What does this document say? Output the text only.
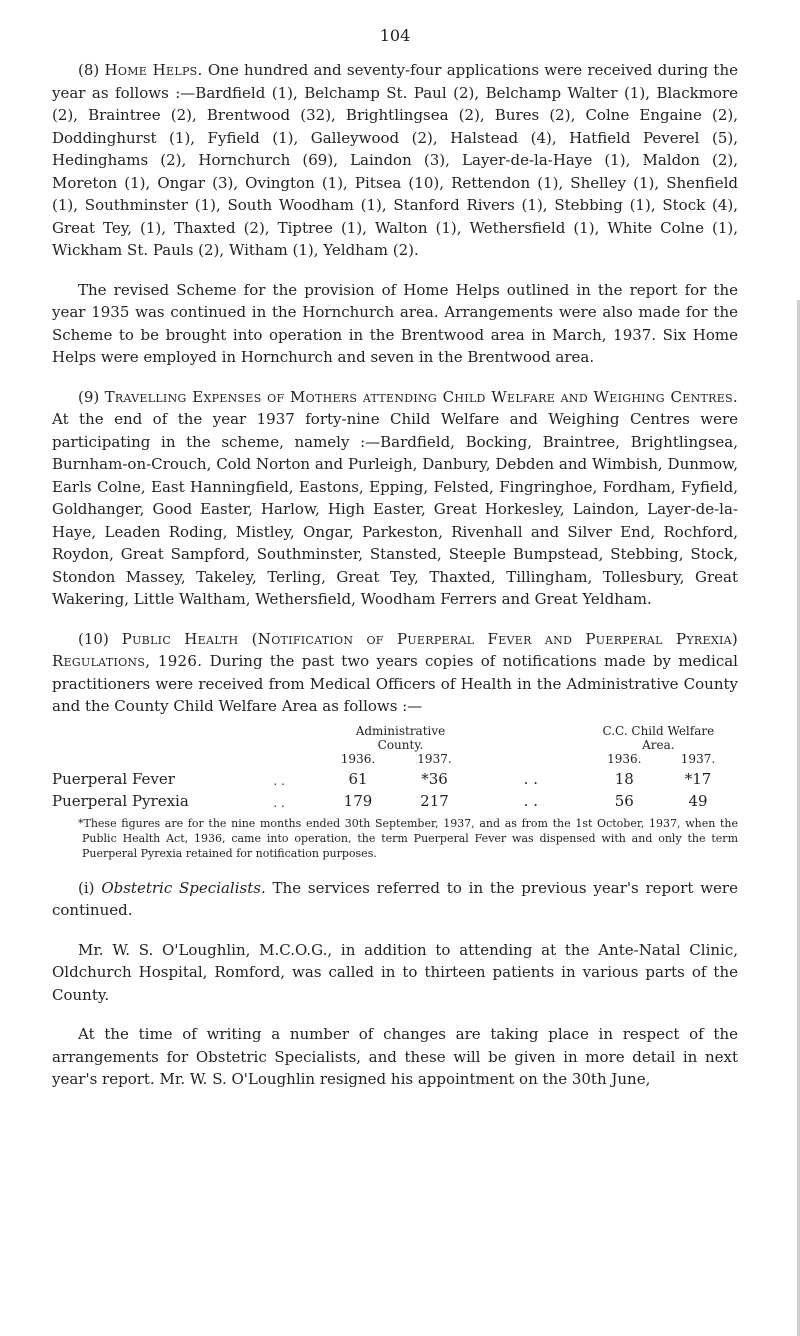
104

(8) Home Helps. One hundred and seventy-four applications were received during the year as follows :—Bardfield (1), Belchamp St. Paul (2), Belchamp Walter (1), Blackmore (2), Braintree (2), Brentwood (32), Brightlingsea (2), Bures (2), Colne Engaine (2), Doddinghurst (1), Fyfield (1), Galleywood (2), Halstead (4), Hatfield Peverel (5), Hedinghams (2), Hornchurch (69), Laindon (3), Layer-de-la-Haye (1), Maldon (2), Moreton (1), Ongar (3), Ovington (1), Pitsea (10), Rettendon (1), Shelley (1), Shenfield (1), Southminster (1), South Woodham (1), Stanford Rivers (1), Stebbing (1), Stock (4), Great Tey, (1), Thaxted (2), Tiptree (1), Walton (1), Wethersfield (1), White Colne (1), Wickham St. Pauls (2), Witham (1), Yeldham (2).

The revised Scheme for the provision of Home Helps outlined in the report for the year 1935 was continued in the Hornchurch area. Arrangements were also made for the Scheme to be brought into operation in the Brentwood area in March, 1937. Six Home Helps were employed in Hornchurch and seven in the Brentwood area.

(9) Travelling Expenses of Mothers attending Child Welfare and Weighing Centres. At the end of the year 1937 forty-nine Child Welfare and Weighing Centres were participating in the scheme, namely :—Bardfield, Bocking, Braintree, Brightlingsea, Burnham-on-Crouch, Cold Norton and Purleigh, Danbury, Debden and Wimbish, Dunmow, Earls Colne, East Hanningfield, Eastons, Epping, Felsted, Fingringhoe, Fordham, Fyfield, Goldhanger, Good Easter, Harlow, High Easter, Great Horkesley, Laindon, Layer-de-la-Haye, Leaden Roding, Mistley, Ongar, Parkeston, Rivenhall and Silver End, Rochford, Roydon, Great Sampford, Southminster, Stansted, Steeple Bumpstead, Stebbing, Stock, Stondon Massey, Takeley, Terling, Great Tey, Thaxted, Tillingham, Tollesbury, Great Wakering, Little Waltham, Wethersfield, Woodham Ferrers and Great Yeldham.

(10) Public Health (Notification of Puerperal Fever and Puerperal Pyrexia) Regulations, 1926. During the past two years copies of notifications made by medical practitioners were received from Medical Officers of Health in the Administrative County and the County Child Welfare Area as follows :—

		Administrative
County.			C.C. Child Welfare
Area.	
		1936.	1937.		1936.	1937.
Puerperal Fever	. .	61	*36	. .	18	*17
Puerperal Pyrexia	. .	179	217	. .	56	49
*These figures are for the nine months ended 30th September, 1937, and as from the 1st October, 1937, when the Public Health Act, 1936, came into operation, the term Puerperal Fever was dispensed with and only the term Puerperal Pyrexia retained for notification purposes.

(i) Obstetric Specialists. The services referred to in the previous year's report were continued.

Mr. W. S. O'Loughlin, M.C.O.G., in addition to attending at the Ante-Natal Clinic, Oldchurch Hospital, Romford, was called in to thirteen patients in various parts of the County.

At the time of writing a number of changes are taking place in respect of the arrangements for Obstetric Specialists, and these will be given in more detail in next year's report. Mr. W. S. O'Loughlin resigned his appointment on the 30th June,
